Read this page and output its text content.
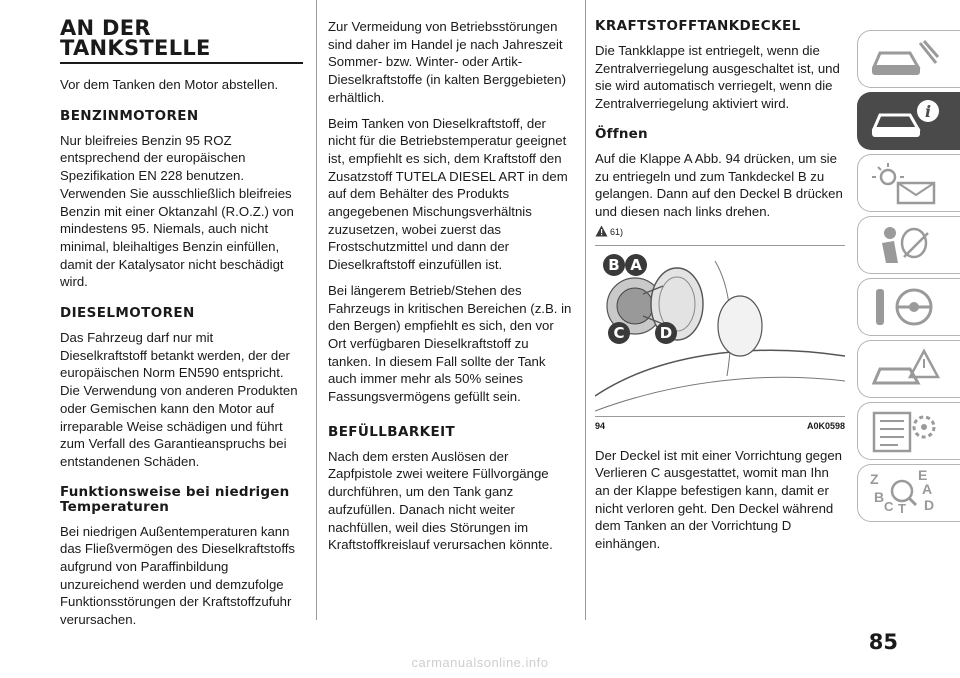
AN DER TANKSTELLE

Vor dem Tanken den Motor abstellen.

BENZINMOTOREN

Nur bleifreies Benzin 95 ROZ entsprechend der europäischen Spezifikation EN 228 benutzen. Verwenden Sie ausschließlich bleifreies Benzin mit einer Oktanzahl (R.O.Z.) von mindestens 95. Niemals, auch nicht minimal, bleihaltiges Benzin einfüllen, damit der Katalysator nicht beschädigt wird.

DIESELMOTOREN

Das Fahrzeug darf nur mit Dieselkraftstoff betankt werden, der der europäischen Norm EN590 entspricht. Die Verwendung von anderen Produkten oder Gemischen kann den Motor auf irreparable Weise schädigen und führt zum Verfall des Garantieanspruchs bei entstandenen Schäden.

Funktionsweise bei niedrigen Temperaturen

Bei niedrigen Außentemperaturen kann das Fließvermögen des Dieselkraftstoffs aufgrund von Paraffinbildung unzureichend werden und demzufolge Funktionsstörungen der Kraftstoffzufuhr verursachen.

Zur Vermeidung von Betriebsstörungen sind daher im Handel je nach Jahreszeit Sommer- bzw. Winter- oder Artik-Dieselkraftstoffe (in kalten Berggebieten) erhältlich.

Beim Tanken von Dieselkraftstoff, der nicht für die Betriebstemperatur geeignet ist, empfiehlt es sich, dem Kraftstoff den Zusatzstoff TUTELA DIESEL ART in dem auf dem Behälter des Produkts angegebenen Mischungsverhältnis zuzusetzen, wobei zuerst das Frostschutzmittel und dann der Dieselkraftstoff einzufüllen ist.

Bei längerem Betrieb/Stehen des Fahrzeugs in kritischen Bereichen (z.B. in den Bergen) empfiehlt es sich, den vor Ort verfügbaren Dieselkraftstoff zu tanken. In diesem Fall sollte der Tank auch immer mehr als 50% seines Fassungsvermögens gefüllt sein.

BEFÜLLBARKEIT

Nach dem ersten Auslösen der Zapfpistole zwei weitere Füllvorgänge durchführen, um den Tank ganz aufzufüllen. Danach nicht weiter nachfüllen, weil dies Störungen im Kraftstoffkreislauf verursachen könnte.

KRAFTSTOFFTANKDECKEL

Die Tankklappe ist entriegelt, wenn die Zentralverriegelung ausgeschaltet ist, und sie wird automatisch verriegelt, wenn die Zentralverriegelung aktiviert wird.

Öffnen

Auf die Klappe A Abb. 94 drücken, um sie zu entriegeln und zum Tankdeckel B zu gelangen. Dann auf den Deckel B drücken und diesen nach links drehen.

61)
B A
C	D
94	A0K0598

Der Deckel ist mit einer Vorrichtung gegen Verlieren C ausgestattet, womit man Ihn an der Klappe befestigen kann, damit er nicht verloren geht. Den Deckel während dem Tanken an der Vorrichtung D einhängen.

i
Z	E
A
B
C T D
85
carmanualsonline.info
